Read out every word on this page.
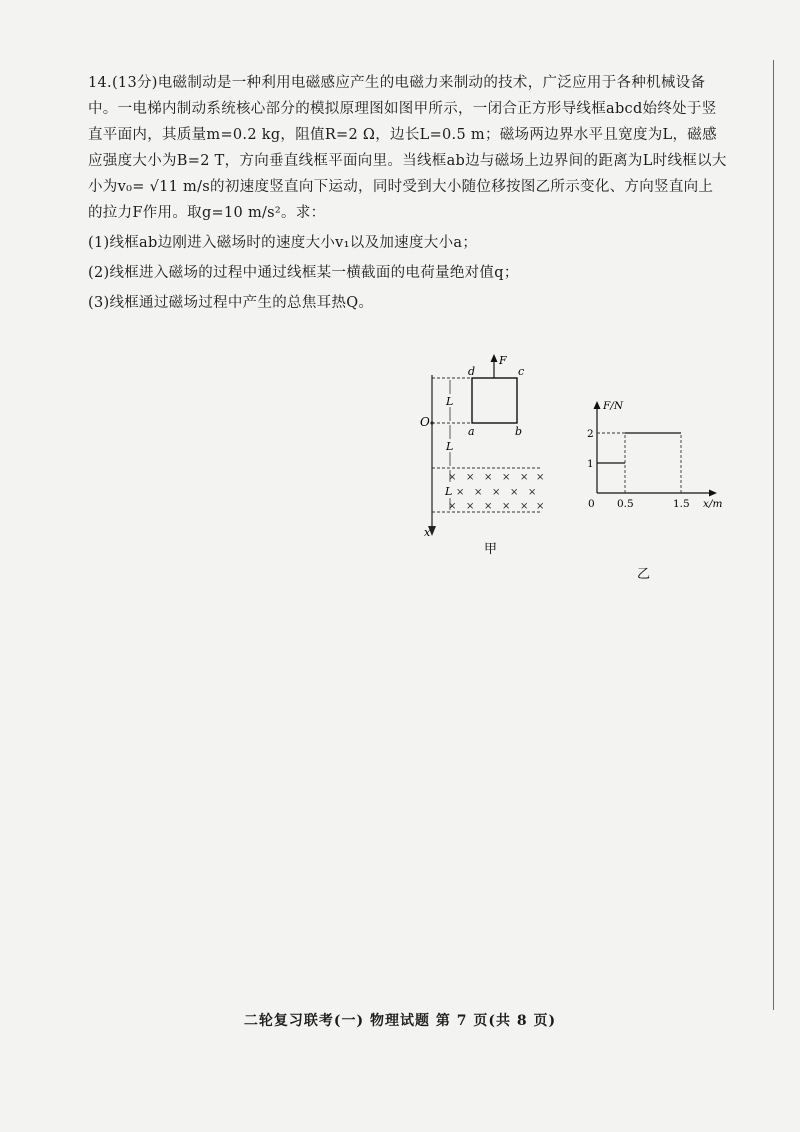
14.(13分)电磁制动是一种利用电磁感应产生的电磁力来制动的技术，广泛应用于各种机械设备中。一电梯内制动系统核心部分的模拟原理图如图甲所示，一闭合正方形导线框abcd始终处于竖直平面内，其质量m=0.2 kg，阻值R=2 Ω，边长L=0.5 m；磁场两边界水平且宽度为L，磁感应强度大小为B=2 T，方向垂直线框平面向里。当线框ab边与磁场上边界间的距离为L时线框以大小为v₀= √11 m/s的初速度竖直向下运动，同时受到大小随位移按图乙所示变化、方向竖直向上的拉力F作用。取g=10 m/s²。求：

(1)线框ab边刚进入磁场时的速度大小v₁以及加速度大小a；

(2)线框进入磁场的过程中通过线框某一横截面的电荷量绝对值q；

(3)线框通过磁场过程中产生的总焦耳热Q。

x
O
L
L
L
d	c
a	b
F
× × × × × ×
× × × × ×
× × × × × ×
甲
F/N
x/m
0
1
2
0.5	1.5
乙
二轮复习联考(一) 物理试题 第 7 页(共 8 页)
